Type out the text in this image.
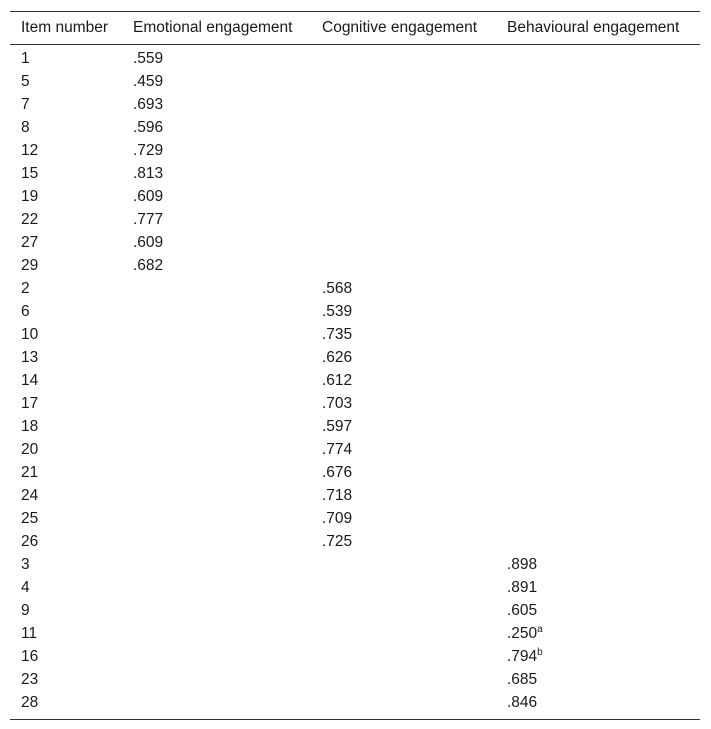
Item number	Emotional engagement	Cognitive engagement	Behavioural engagement
1	.559		
5	.459		
7	.693		
8	.596		
12	.729		
15	.813		
19	.609		
22	.777		
27	.609		
29	.682		
2		.568	
6		.539	
10		.735	
13		.626	
14		.612	
17		.703	
18		.597	
20		.774	
21		.676	
24		.718	
25		.709	
26		.725	
3			.898
4			.891
9			.605
11			.250$^a$
16			.794$^b$
23			.685
28			.846
